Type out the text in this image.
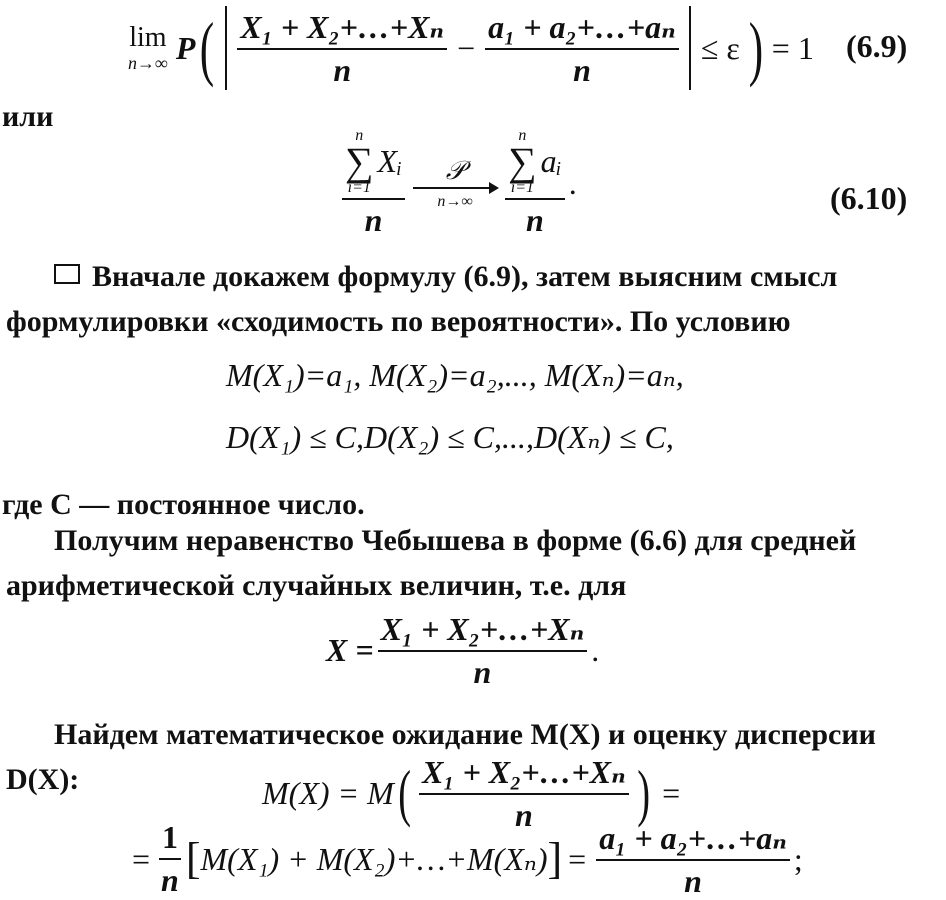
lim
n→∞ P ( $\frac{\text{X₁ + X₂+…+Xₙ}}{n} - \frac{\text{a₁ + a₂+…+aₙ}}{n} \le \varepsilon$ ) = 1 (6.9)
или
n
∑
i=1
Xᵢ
n 𝒫
n→∞ n
∑
i=1
aᵢ
n .	(6.10)
Вначале докажем формулу (6.9), затем выясним смысл
формулировки «сходимость по вероятности». По условию
M(X₁)=a₁, M(X₂)=a₂,..., M(Xₙ)=aₙ,
D(X₁) ≤ C,D(X₂) ≤ C,...,D(Xₙ) ≤ C,
где C — постоянное число.
Получим неравенство Чебышева в форме (6.6) для средней
арифметической случайных величин, т.е. для
$X = \frac{\text{X₁ + X₂+…+Xₙ}}{n}$ .
Найдем математическое ожидание M(X) и оценку дисперсии
D(X):	M(X) = M ( $\frac{\text{X₁ + X₂+…+Xₙ}}{n}$ ) =
= $\frac{1}{n}$ [ M(X₁) + M(X₂)+…+M(Xₙ) ] = $\frac{\text{a₁ + a₂+…+aₙ}}{n}$ ;
